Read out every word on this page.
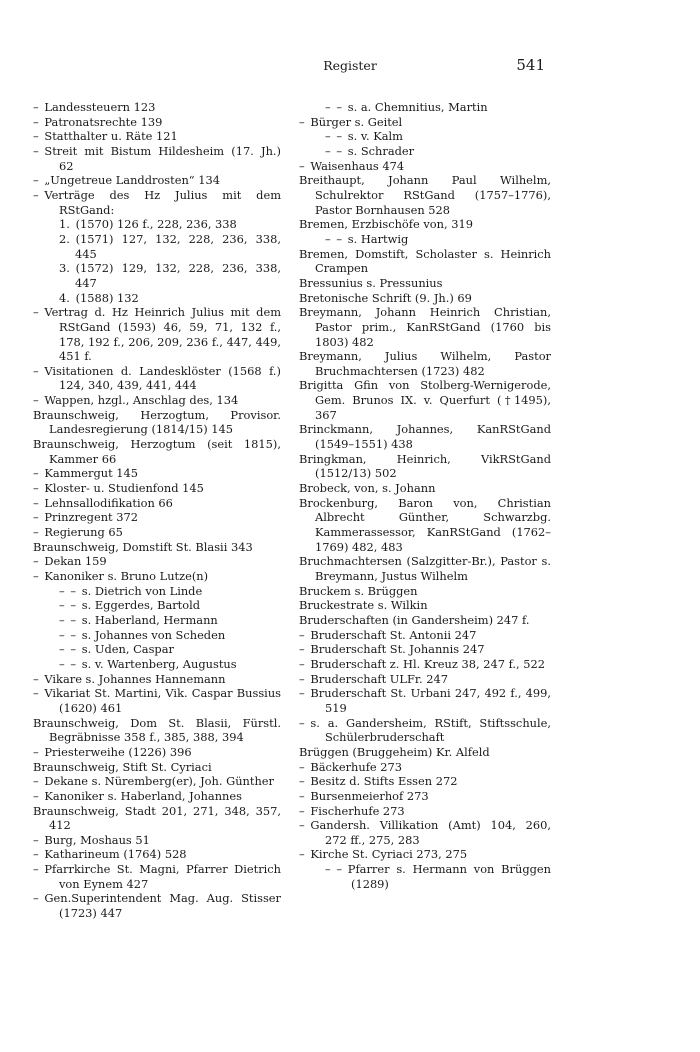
Register	541

– Landessteuern 123

– Patronatsrechte 139

– Statthalter u. Räte 121

– Streit mit Bistum Hildesheim (17. Jh.) 62

– „Ungetreue Landdrosten“ 134

– Verträge des Hz Julius mit dem RStGand:

1. (1570) 126 f., 228, 236, 338

2. (1571) 127, 132, 228, 236, 338, 445

3. (1572) 129, 132, 228, 236, 338, 447

4. (1588) 132

– Vertrag d. Hz Heinrich Julius mit dem RStGand (1593) 46, 59, 71, 132 f., 178, 192 f., 206, 209, 236 f., 447, 449, 451 f.

– Visitationen d. Landesklöster (1568 f.) 124, 340, 439, 441, 444

– Wappen, hzgl., Anschlag des, 134

Braunschweig, Herzogtum, Provisor. Landesregierung (1814/15) 145

Braunschweig, Herzogtum (seit 1815), Kammer 66

– Kammergut 145

– Kloster- u. Studienfond 145

– Lehnsallodifikation 66

– Prinzregent 372

– Regierung 65

Braunschweig, Domstift St. Blasii 343

– Dekan 159

– Kanoniker s. Bruno Lutze(n)

– – s. Dietrich von Linde

– – s. Eggerdes, Bartold

– – s. Haberland, Hermann

– – s. Johannes von Scheden

– – s. Uden, Caspar

– – s. v. Wartenberg, Augustus

– Vikare s. Johannes Hannemann

– Vikariat St. Martini, Vik. Caspar Bussius (1620) 461

Braunschweig, Dom St. Blasii, Fürstl. Begräbnisse 358 f., 385, 388, 394

– Priesterweihe (1226) 396

Braunschweig, Stift St. Cyriaci

– Dekane s. Nüremberg(er), Joh. Günther

– Kanoniker s. Haberland, Johannes

Braunschweig, Stadt 201, 271, 348, 357, 412

– Burg, Moshaus 51

– Katharineum (1764) 528

– Pfarrkirche St. Magni, Pfarrer Dietrich von Eynem 427

– Gen.Superintendent Mag. Aug. Stisser (1723) 447

– – s. a. Chemnitius, Martin

– Bürger s. Geitel

– – s. v. Kalm

– – s. Schrader

– Waisenhaus 474

Breithaupt, Johann Paul Wilhelm, Schulrektor RStGand (1757–1776), Pastor Bornhausen 528

Bremen, Erzbischöfe von, 319

– – s. Hartwig

Bremen, Domstift, Scholaster s. Heinrich Crampen

Bressunius s. Pressunius

Bretonische Schrift (9. Jh.) 69

Breymann, Johann Heinrich Christian, Pastor prim., KanRStGand (1760 bis 1803) 482

Breymann, Julius Wilhelm, Pastor Bruchmachtersen (1723) 482

Brigitta Gfin von Stolberg-Wernigerode, Gem. Brunos IX. v. Querfurt (†1495), 367

Brinckmann, Johannes, KanRStGand (1549–1551) 438

Bringkman, Heinrich, VikRStGand (1512/13) 502

Brobeck, von, s. Johann

Brockenburg, Baron von, Christian Albrecht Günther, Schwarzbg. Kammerassessor, KanRStGand (1762–1769) 482, 483

Bruchmachtersen (Salzgitter-Br.), Pastor s. Breymann, Justus Wilhelm

Bruckem s. Brüggen

Bruckestrate s. Wilkin

Bruderschaften (in Gandersheim) 247 f.

– Bruderschaft St. Antonii 247

– Bruderschaft St. Johannis 247

– Bruderschaft z. Hl. Kreuz 38, 247 f., 522

– Bruderschaft ULFr. 247

– Bruderschaft St. Urbani 247, 492 f., 499, 519

– s. a. Gandersheim, RStift, Stiftsschule, Schülerbruderschaft

Brüggen (Bruggeheim) Kr. Alfeld

– Bäckerhufe 273

– Besitz d. Stifts Essen 272

– Bursenmeierhof 273

– Fischerhufe 273

– Gandersh. Villikation (Amt) 104, 260, 272 ff., 275, 283

– Kirche St. Cyriaci 273, 275

– – Pfarrer s. Hermann von Brüggen (1289)
